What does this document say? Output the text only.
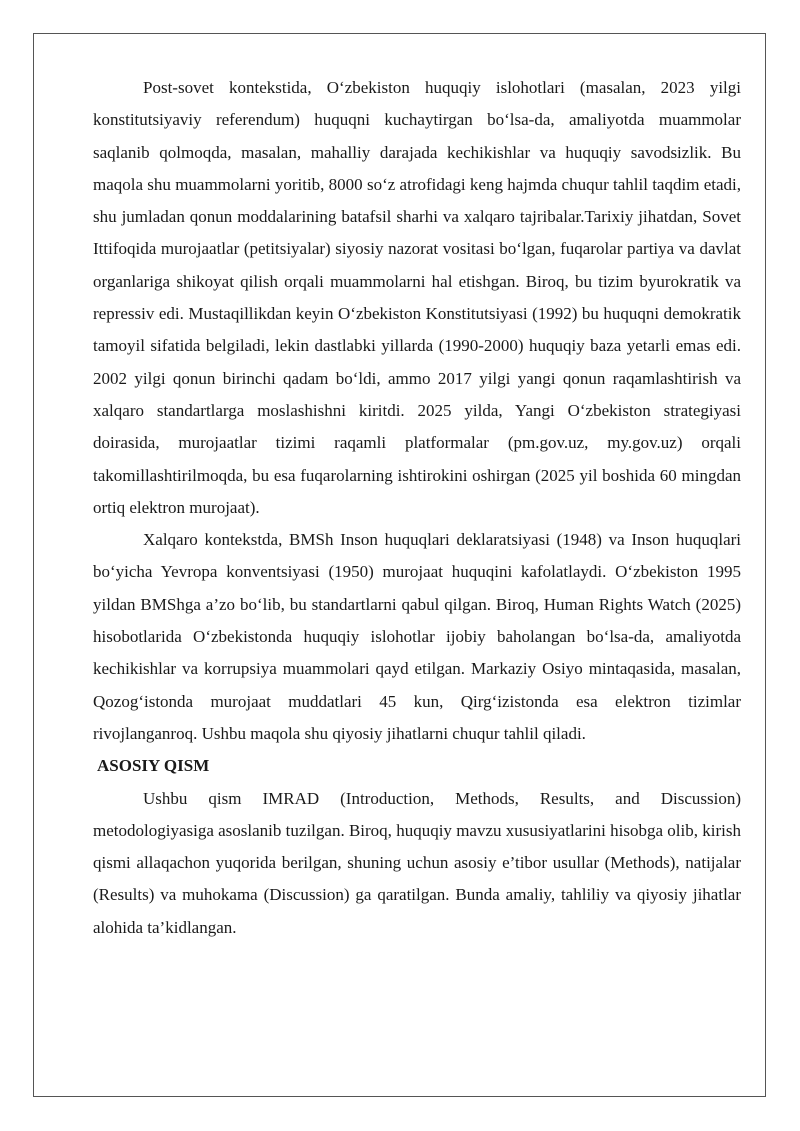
Post-sovet kontekstida, O‘zbekiston huquqiy islohotlari (masalan, 2023 yilgi konstitutsiyaviy referendum) huquqni kuchaytirgan bo‘lsa-da, amaliyotda muammolar saqlanib qolmoqda, masalan, mahalliy darajada kechikishlar va huquqiy savodsizlik. Bu maqola shu muammolarni yoritib, 8000 so‘z atrofidagi keng hajmda chuqur tahlil taqdim etadi, shu jumladan qonun moddalarining batafsil sharhi va xalqaro tajribalar.Tarixiy jihatdan, Sovet Ittifoqida murojaatlar (petitsiyalar) siyosiy nazorat vositasi bo‘lgan, fuqarolar partiya va davlat organlariga shikoyat qilish orqali muammolarni hal etishgan. Biroq, bu tizim byurokratik va repressiv edi. Mustaqillikdan keyin O‘zbekiston Konstitutsiyasi (1992) bu huquqni demokratik tamoyil sifatida belgiladi, lekin dastlabki yillarda (1990-2000) huquqiy baza yetarli emas edi. 2002 yilgi qonun birinchi qadam bo‘ldi, ammo 2017 yilgi yangi qonun raqamlashtirish va xalqaro standartlarga moslashishni kiritdi. 2025 yilda, Yangi O‘zbekiston strategiyasi doirasida, murojaatlar tizimi raqamli platformalar (pm.gov.uz, my.gov.uz) orqali takomillashtirilmoqda, bu esa fuqarolarning ishtirokini oshirgan (2025 yil boshida 60 mingdan ortiq elektron murojaat).

Xalqaro kontekstda, BMSh Inson huquqlari deklaratsiyasi (1948) va Inson huquqlari bo‘yicha Yevropa konventsiyasi (1950) murojaat huquqini kafolatlaydi. O‘zbekiston 1995 yildan BMShga a’zo bo‘lib, bu standartlarni qabul qilgan. Biroq, Human Rights Watch (2025) hisobotlarida O‘zbekistonda huquqiy islohotlar ijobiy baholangan bo‘lsa-da, amaliyotda kechikishlar va korrupsiya muammolari qayd etilgan. Markaziy Osiyo mintaqasida, masalan, Qozog‘istonda murojaat muddatlari 45 kun, Qirg‘izistonda esa elektron tizimlar rivojlanganroq. Ushbu maqola shu qiyosiy jihatlarni chuqur tahlil qiladi.

ASOSIY QISM

Ushbu qism IMRAD (Introduction, Methods, Results, and Discussion) metodologiyasiga asoslanib tuzilgan. Biroq, huquqiy mavzu xususiyatlarini hisobga olib, kirish qismi allaqachon yuqorida berilgan, shuning uchun asosiy e’tibor usullar (Methods), natijalar (Results) va muhokama (Discussion) ga qaratilgan. Bunda amaliy, tahliliy va qiyosiy jihatlar alohida ta’kidlangan.
